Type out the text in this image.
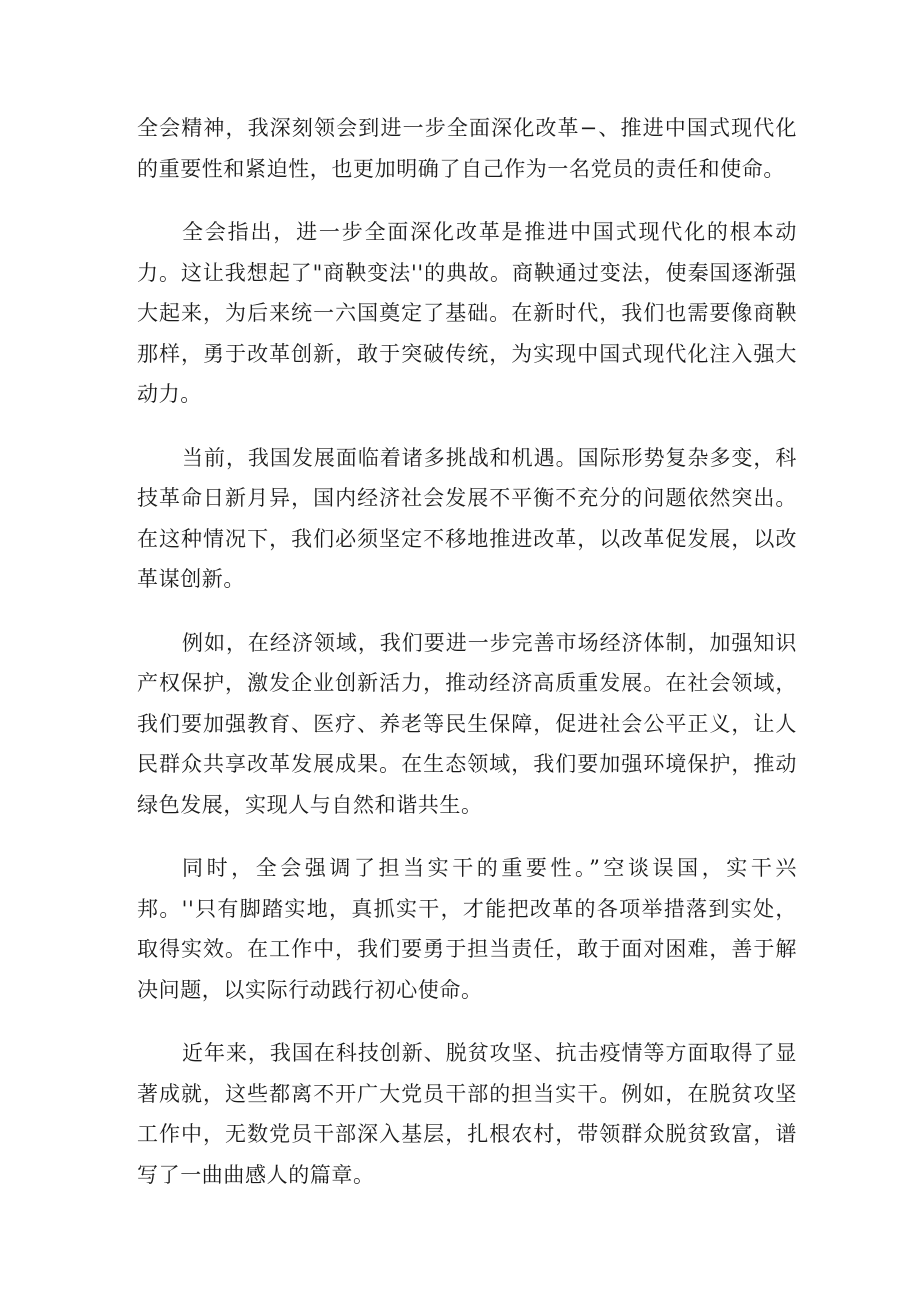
全会精神，我深刻领会到进一步全面深化改革−、推进中国式现代化的重要性和紧迫性，也更加明确了自己作为一名党员的责任和使命。

全会指出，进一步全面深化改革是推进中国式现代化的根本动力。这让我想起了"商鞅变法''的典故。商鞅通过变法，使秦国逐渐强大起来，为后来统一六国奠定了基础。在新时代，我们也需要像商鞅那样，勇于改革创新，敢于突破传统，为实现中国式现代化注入强大动力。

当前，我国发展面临着诸多挑战和机遇。国际形势复杂多变，科技革命日新月异，国内经济社会发展不平衡不充分的问题依然突出。在这种情况下，我们必须坚定不移地推进改革，以改革促发展，以改革谋创新。

例如，在经济领域，我们要进一步完善市场经济体制，加强知识产权保护，激发企业创新活力，推动经济高质重发展。在社会领域，我们要加强教育、医疗、养老等民生保障，促进社会公平正义，让人民群众共享改革发展成果。在生态领域，我们要加强环境保护，推动绿色发展，实现人与自然和谐共生。

同时，全会强调了担当实干的重要性。”空谈误国，实干兴邦。''只有脚踏实地，真抓实干，才能把改革的各项举措落到实处，取得实效。在工作中，我们要勇于担当责任，敢于面对困难，善于解决问题，以实际行动践行初心使命。

近年来，我国在科技创新、脱贫攻坚、抗击疫情等方面取得了显著成就，这些都离不开广大党员干部的担当实干。例如，在脱贫攻坚工作中，无数党员干部深入基层，扎根农村，带领群众脱贫致富，谱写了一曲曲感人的篇章。
